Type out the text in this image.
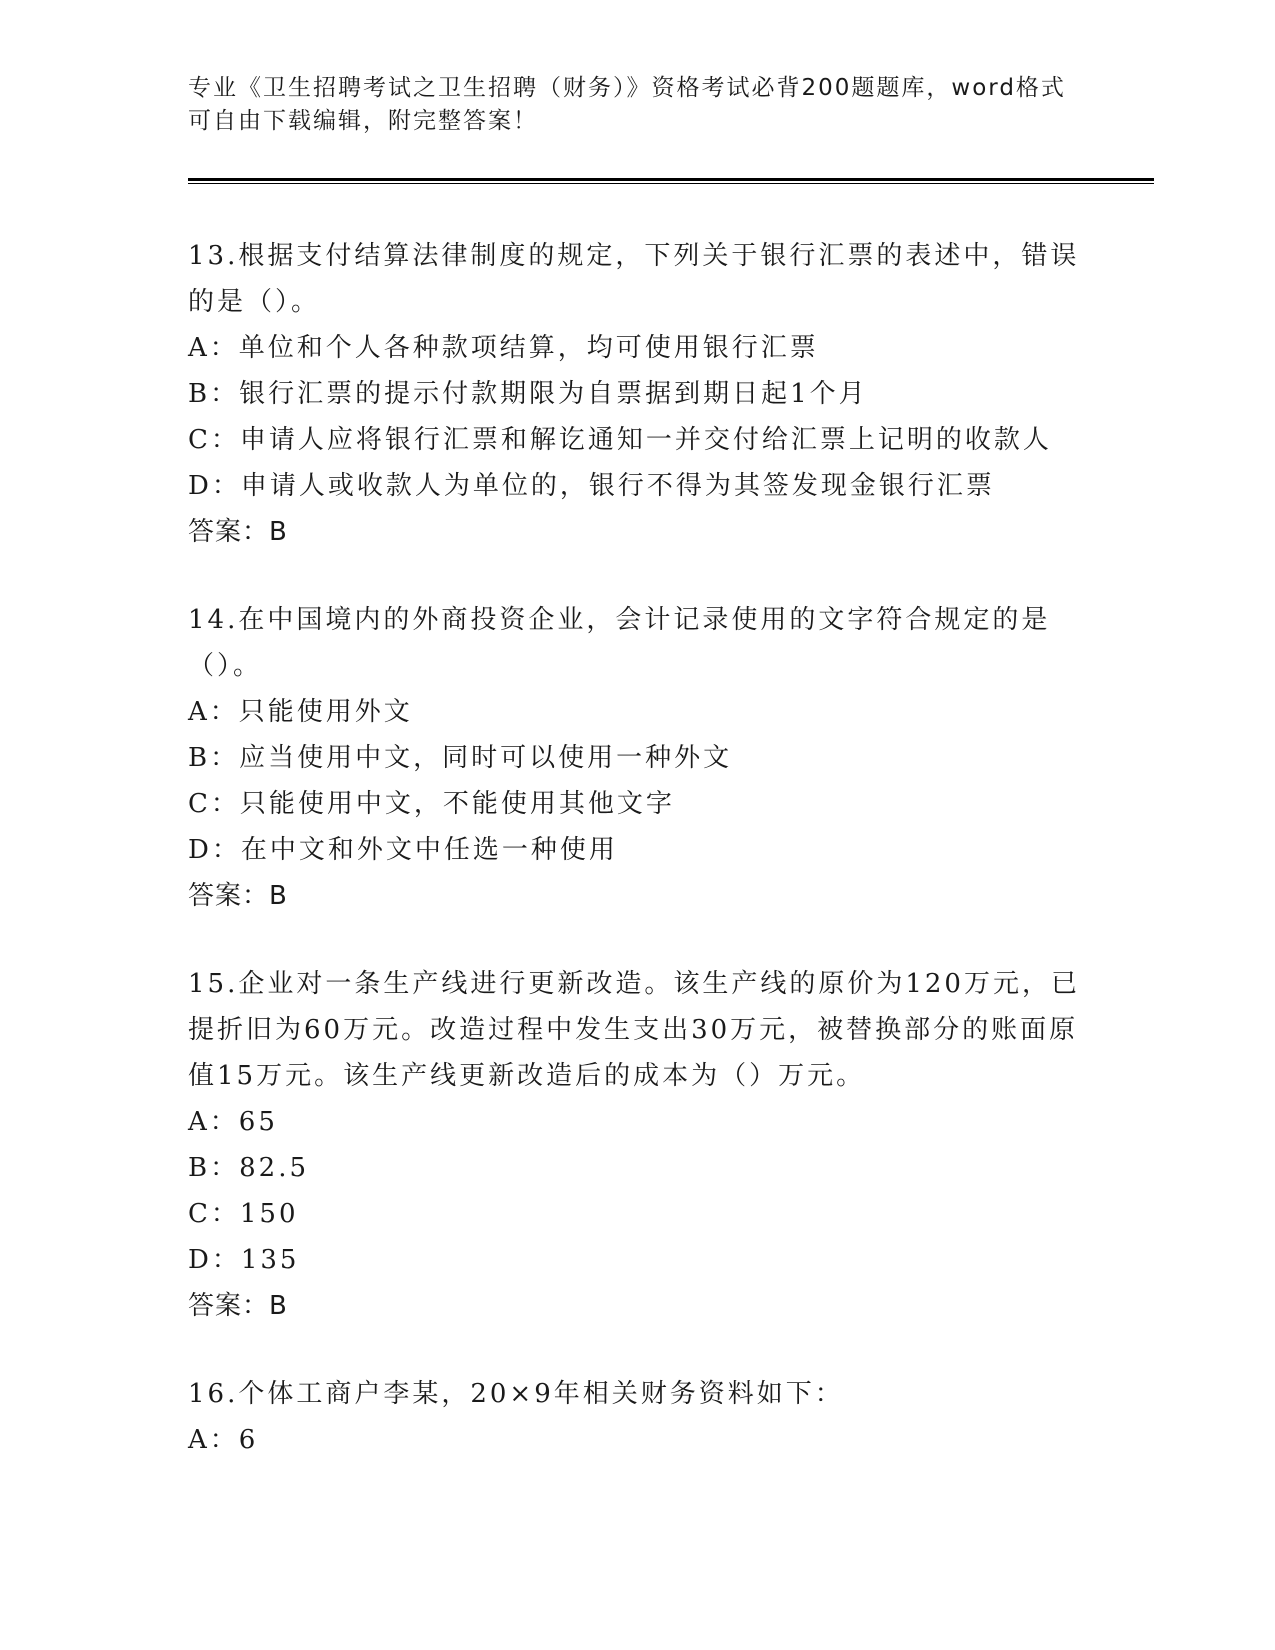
专业《卫生招聘考试之卫生招聘（财务）》资格考试必背200题题库，word格式
可自由下载编辑，附完整答案！

13.根据支付结算法律制度的规定，下列关于银行汇票的表述中，错误的是（）。

A：单位和个人各种款项结算，均可使用银行汇票

B：银行汇票的提示付款期限为自票据到期日起1个月

C：申请人应将银行汇票和解讫通知一并交付给汇票上记明的收款人

D：申请人或收款人为单位的，银行不得为其签发现金银行汇票

答案：B

14.在中国境内的外商投资企业，会计记录使用的文字符合规定的是（）。

A：只能使用外文

B：应当使用中文，同时可以使用一种外文

C：只能使用中文，不能使用其他文字

D：在中文和外文中任选一种使用

答案：B

15.企业对一条生产线进行更新改造。该生产线的原价为120万元，已提折旧为60万元。改造过程中发生支出30万元，被替换部分的账面原值15万元。该生产线更新改造后的成本为（）万元。

A：65

B：82.5

C：150

D：135

答案：B

16.个体工商户李某，20×9年相关财务资料如下：

A：6
